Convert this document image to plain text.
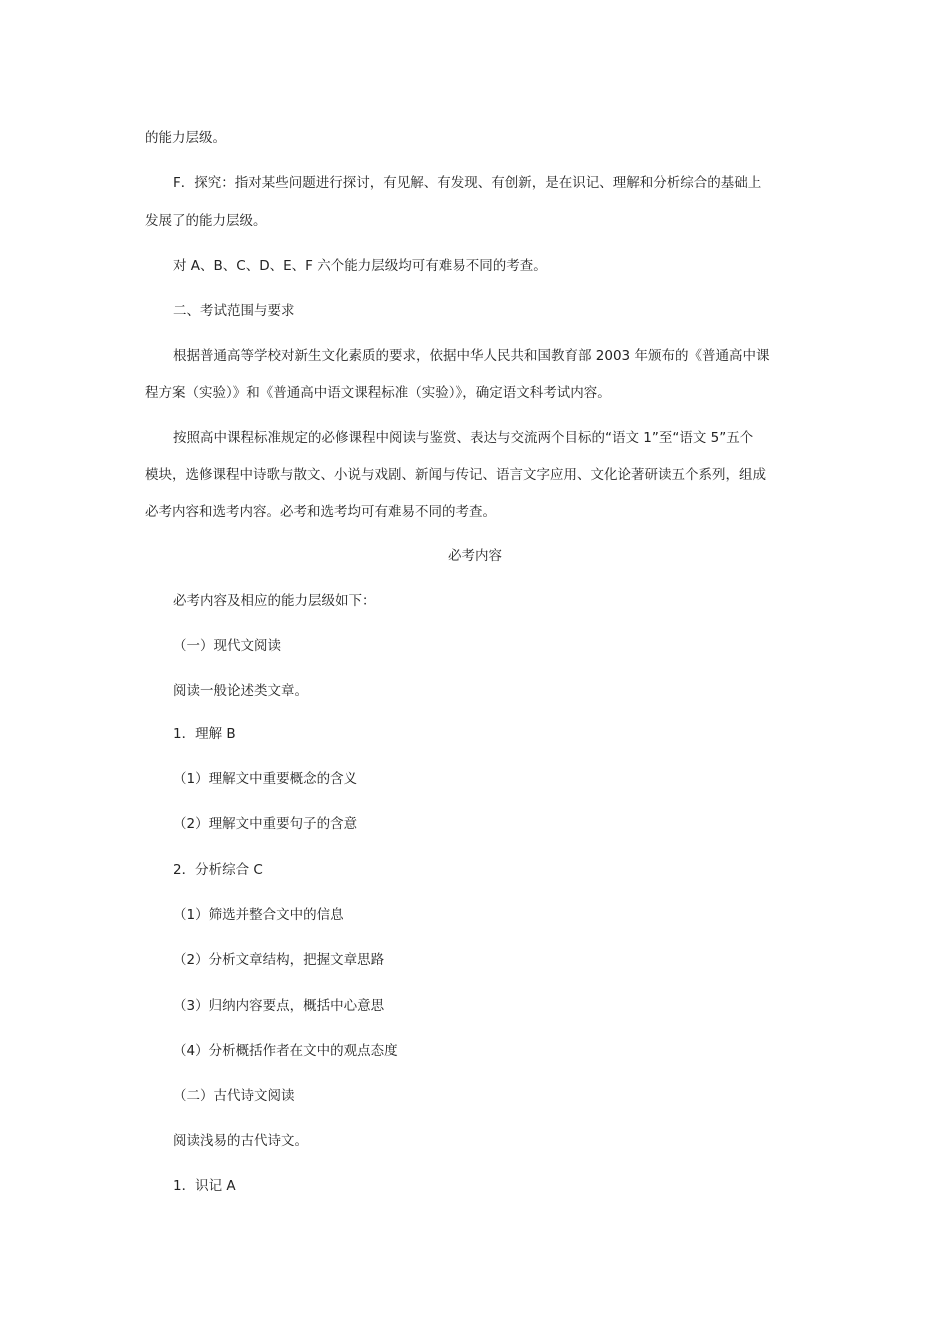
的能力层级。

F．探究：指对某些问题进行探讨，有见解、有发现、有创新，是在识记、理解和分析综合的基础上

发展了的能力层级。

对 A、B、C、D、E、F 六个能力层级均可有难易不同的考查。

二、考试范围与要求

根据普通高等学校对新生文化素质的要求，依据中华人民共和国教育部 2003 年颁布的《普通高中课

程方案（实验）》和《普通高中语文课程标准（实验）》，确定语文科考试内容。

按照高中课程标准规定的必修课程中阅读与鉴赏、表达与交流两个目标的“语文 1”至“语文 5”五个

模块，选修课程中诗歌与散文、小说与戏剧、新闻与传记、语言文字应用、文化论著研读五个系列，组成

必考内容和选考内容。必考和选考均可有难易不同的考查。

必考内容

必考内容及相应的能力层级如下：

（一）现代文阅读

阅读一般论述类文章。

1．理解 B

（1）理解文中重要概念的含义

（2）理解文中重要句子的含意

2．分析综合 C

（1）筛选并整合文中的信息

（2）分析文章结构，把握文章思路

（3）归纳内容要点，概括中心意思

（4）分析概括作者在文中的观点态度

（二）古代诗文阅读

阅读浅易的古代诗文。

1．识记 A
